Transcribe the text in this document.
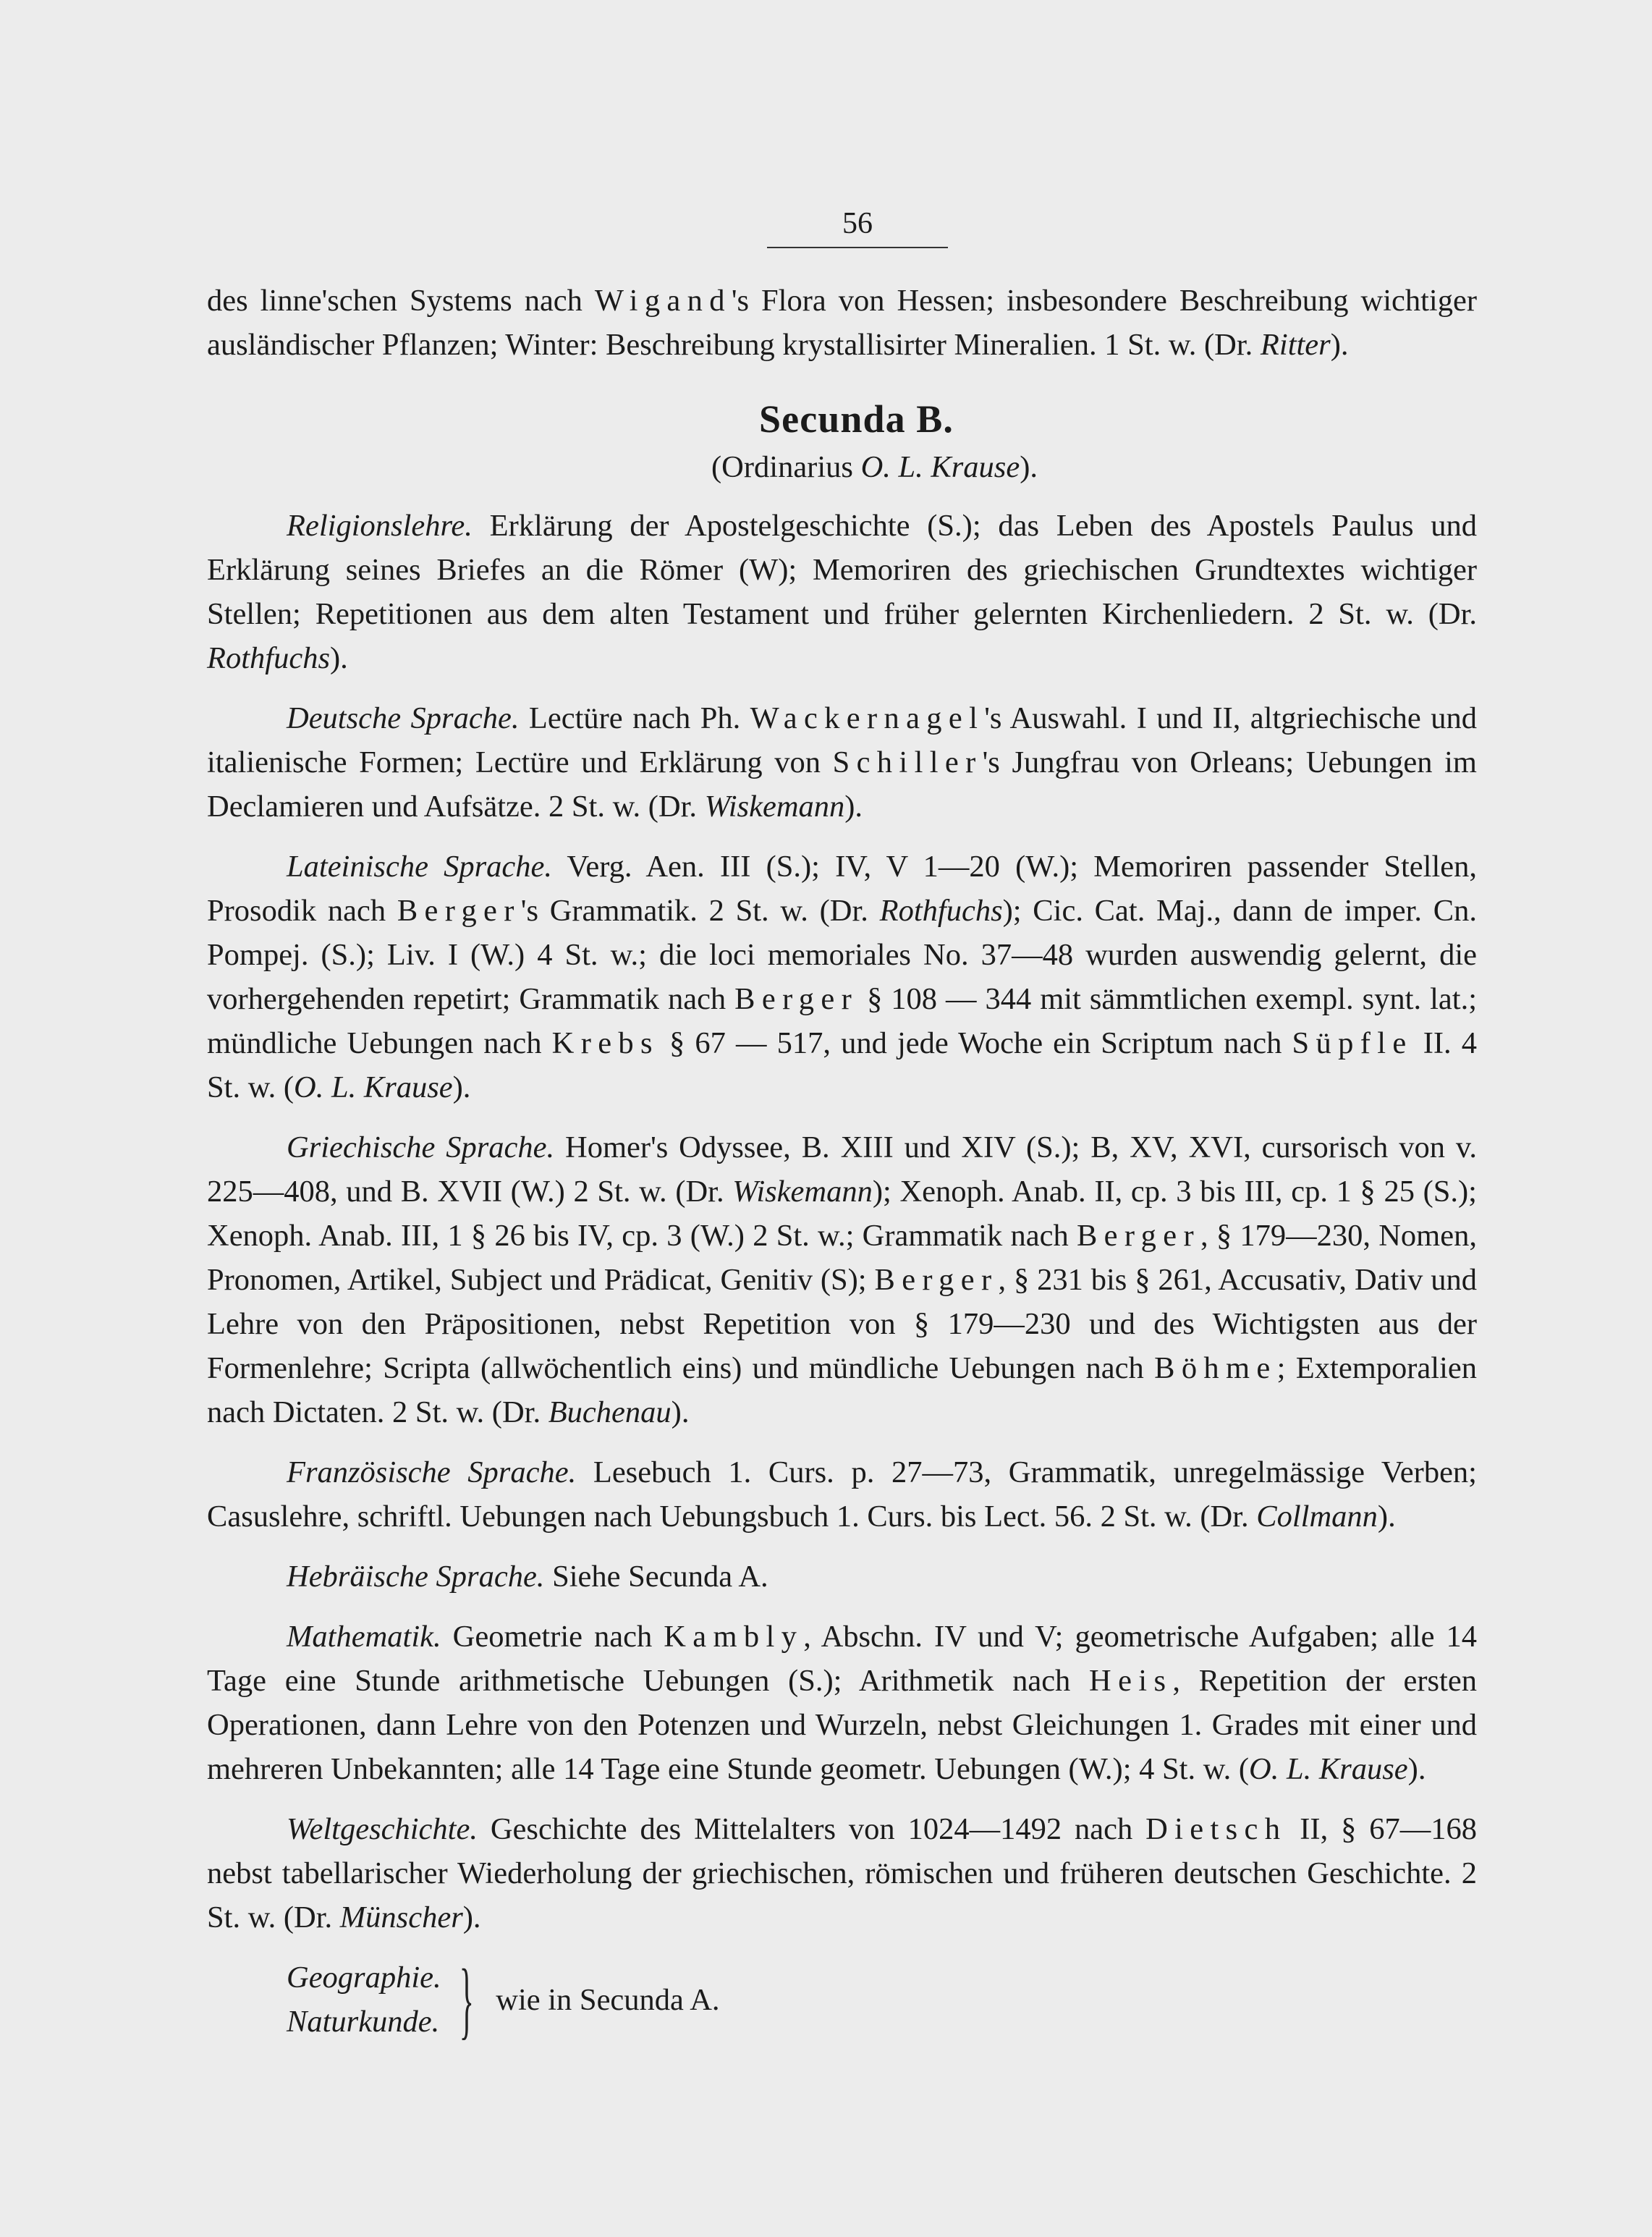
56

des linne'schen Systems nach Wigand's Flora von Hessen; insbesondere Beschreibung wichtiger ausländischer Pflanzen; Winter: Beschreibung krystallisirter Mineralien. 1 St. w. (Dr. Ritter).

Secunda B.
(Ordinarius O. L. Krause).

Religionslehre. Erklärung der Apostelgeschichte (S.); das Leben des Apostels Paulus und Erklärung seines Briefes an die Römer (W); Memoriren des griechischen Grundtextes wichtiger Stellen; Repetitionen aus dem alten Testament und früher gelernten Kirchenliedern. 2 St. w. (Dr. Rothfuchs).

Deutsche Sprache. Lectüre nach Ph. Wackernagel's Auswahl. I und II, altgriechische und italienische Formen; Lectüre und Erklärung von Schiller's Jungfrau von Orleans; Uebungen im Declamieren und Aufsätze. 2 St. w. (Dr. Wiskemann).

Lateinische Sprache. Verg. Aen. III (S.); IV, V 1—20 (W.); Memoriren passender Stellen, Prosodik nach Berger's Grammatik. 2 St. w. (Dr. Rothfuchs); Cic. Cat. Maj., dann de imper. Cn. Pompej. (S.); Liv. I (W.) 4 St. w.; die loci memoriales No. 37—48 wurden auswendig gelernt, die vorhergehenden repetirt; Grammatik nach Berger § 108 — 344 mit sämmtlichen exempl. synt. lat.; mündliche Uebungen nach Krebs § 67 — 517, und jede Woche ein Scriptum nach Süpfle II. 4 St. w. (O. L. Krause).

Griechische Sprache. Homer's Odyssee, B. XIII und XIV (S.); B, XV, XVI, cursorisch von v. 225—408, und B. XVII (W.) 2 St. w. (Dr. Wiskemann); Xenoph. Anab. II, cp. 3 bis III, cp. 1 § 25 (S.); Xenoph. Anab. III, 1 § 26 bis IV, cp. 3 (W.) 2 St. w.; Grammatik nach Berger, § 179—230, Nomen, Pronomen, Artikel, Subject und Prädicat, Genitiv (S); Berger, § 231 bis § 261, Accusativ, Dativ und Lehre von den Präpositionen, nebst Repetition von § 179—230 und des Wichtigsten aus der Formenlehre; Scripta (allwöchentlich eins) und mündliche Uebungen nach Böhme; Extemporalien nach Dictaten. 2 St. w. (Dr. Buchenau).

Französische Sprache. Lesebuch 1. Curs. p. 27—73, Grammatik, unregelmässige Verben; Casuslehre, schriftl. Uebungen nach Uebungsbuch 1. Curs. bis Lect. 56. 2 St. w. (Dr. Collmann).

Hebräische Sprache. Siehe Secunda A.

Mathematik. Geometrie nach Kambly, Abschn. IV und V; geometrische Aufgaben; alle 14 Tage eine Stunde arithmetische Uebungen (S.); Arithmetik nach Heis, Repetition der ersten Operationen, dann Lehre von den Potenzen und Wurzeln, nebst Gleichungen 1. Grades mit einer und mehreren Unbekannten; alle 14 Tage eine Stunde geometr. Uebungen (W.); 4 St. w. (O. L. Krause).

Weltgeschichte. Geschichte des Mittelalters von 1024—1492 nach Dietsch II, § 67—168 nebst tabellarischer Wiederholung der griechischen, römischen und früheren deutschen Geschichte. 2 St. w. (Dr. Münscher).

Geographie.
Naturkunde. } wie in Secunda A.
